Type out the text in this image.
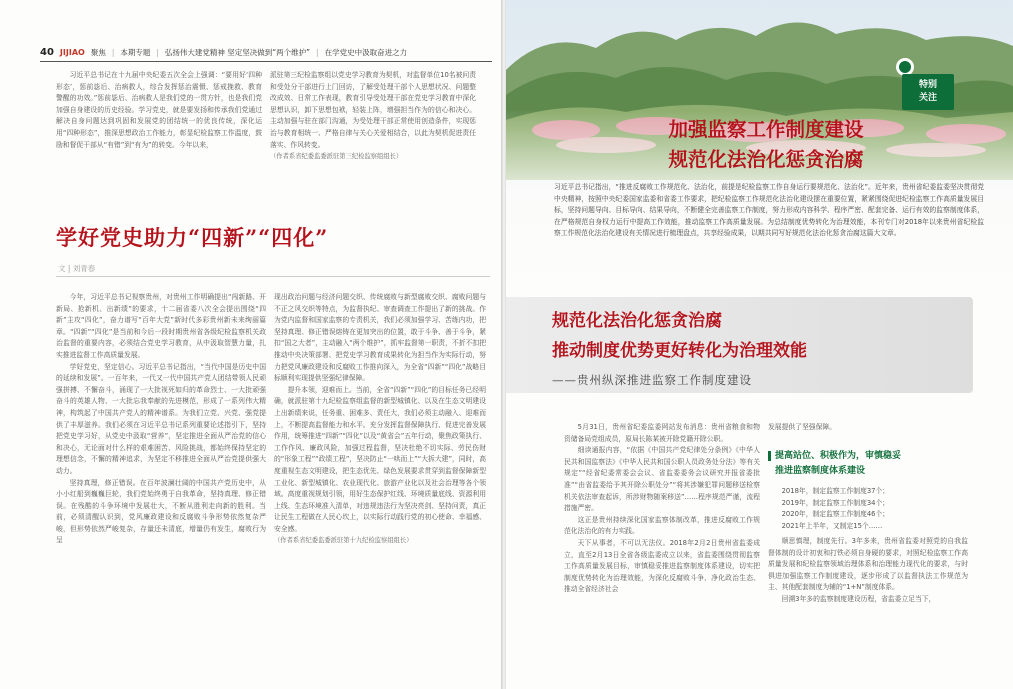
40 JIJIAO 聚焦 | 本期专题 | 弘扬伟大建党精神 坚定坚决做到“两个维护” | 在学党史中汲取奋进之力

习近平总书记在十九届中央纪委五次全会上强调：“要用好‘四种形态’，惩前毖后、治病救人，综合发挥惩治震慑、惩戒挽救、教育警醒的功效。”惩前毖后、治病救人是我们党的一贯方针，也是我们党加强自身建设的历史经验。学习党史，就是要发扬和传承我们党通过解决自身问题达到巩固和发展党的团结统一的优良传统，深化运用“四种形态”，推深思想政治工作能力，彰显纪检监察工作温度，鼓励和督促干部从“有错”到“有为”的转变。今年以来，

派驻第三纪检监察组以党史学习教育为契机，对监督单位10名被问责和受处分干部进行上门回访，了解受处理干部个人思想状况、问题整改成效、日常工作表现，教育引导受处理干部在党史学习教育中深化思想认识，卸下思想包袱，轻装上阵，增强担当作为的信心和决心。主动加强与驻在部门沟通，为受处理干部正常使用创造条件，实现惩治与教育相统一、严格自律与关心关爱相结合，以此为契机促进责任落实、作风转变。

（作者系省纪委监委派驻第三纪检监察组组长）

学好党史助力“四新”“四化”
文 | 刘青春

今年，习近平总书记视察贵州，对贵州工作明确提出“闯新路、开新局、抢新机、出新绩”的要求，十二届省委八次全会提出围绕“四新”主攻“四化”，奋力谱写“百年大党”新时代多彩贵州新未来绚丽篇章。“四新”“四化”是当前和今后一段时期贵州省各级纪检监察机关政治监督的重要内容，必须结合党史学习教育，从中汲取智慧力量，扎实推进监督工作高质量发展。

学好党史，坚定信心。习近平总书记指出，“当代中国是历史中国的延续和发展”。一百年来，一代又一代中国共产党人团结带领人民顽强拼搏、不懈奋斗，涌现了一大批视死如归的革命烈士、一大批顽强奋斗的英雄人物、一大批忘我奉献的先进模范，形成了一系列伟大精神，构筑起了中国共产党人的精神谱系。为我们立党、兴党、强党提供了丰厚滋养。我们必须在习近平总书记系列重要论述指引下，坚持把党史学习好，从党史中汲取“营养”，坚定推进全面从严治党的信心和决心，无论面对什么样的艰难困苦、风险挑战，都始终保持坚定的理想信念，不懈的精神追求，为坚定不移推进全面从严治党提供强大动力。

坚持真理，修正错误。在百年波澜壮阔的中国共产党历史中，从小小红船到巍巍巨轮，我们党始终勇于自我革命，坚持真理、修正错误。在残酷的斗争环境中发展壮大，不断从胜利走向新的胜利。当前，必须清醒认识到，党风廉政建设和反腐败斗争形势依然复杂严峻，但形势依然严峻复杂，存量还未清底，增量仍有发生，腐败行为呈

现出政治问题与经济问题交织、传统腐败与新型腐败交织、腐败问题与不正之风交织等特点，为监督执纪、审查调查工作提出了新的挑战。作为党内监督和国家监察的专责机关，我们必须加强学习、苦练内功，把坚持真理、修正错误熔铸在更加突出的位置，敢于斗争、善于斗争，紧扣“国之大者”，主动融入“两个维护”，抓牢监督第一职责，不折不扣把推动中央决策部署、把党史学习教育成果转化为担当作为实际行动，努力把党风廉政建设和反腐败工作推向深入，为全省“四新”“四化”战略目标顺利实现提供坚强纪律保障。

提升本领，迎难而上。当前，全省“四新”“四化”的目标任务已经明确，就派驻第十九纪检监察组监督的新型城镇化、以及在生态文明建设上出新绩来说，任务重、困难多、责任大，我们必须主动融入、迎难而上，不断提高监督能力和水平。充分发挥监督保障执行、促进完善发展作用，统筹推进“四新”“四化”以及“黄省会”五年行动，聚焦政策执行、工作作风、廉政风险，加强过程监督，坚决杜绝不切实际、劳民伤财的“形象工程”“政绩工程”，坚决防止“一哄而上”“大拆大建”，同时，高度重视生态文明建设，把生态优先、绿色发展要求贯穿到监督保障新型工业化、新型城镇化、农业现代化、旅游产业化以及社会治理等各个领域。高度重视规划引领，用好生态保护红线、环境质量底线、资源利用上线、生态环境准入清单，对违规违法行为坚决亮剑、坚持问责，真正让民生工程做在人民心坎上，以实际行动践行党的初心使命、幸福感、安全感。

（作者系省纪委监委派驻第十九纪检监察组组长）

特别
关注
加强监察工作制度建设
规范化法治化惩贪治腐
习近平总书记指出，“推进反腐败工作规范化、法治化，前提是纪检监察工作自身运行要规范化、法治化”。近年来，贵州省纪委监委坚决贯彻党中央精神，按照中央纪委国家监委和省委工作要求，把纪检监察工作规范化法治化建设摆在重要位置，紧紧围绕促进纪检监察工作高质量发展目标，坚持问题导向、目标导向、结果导向，不断健全完善监察工作制度，努力形成内容科学、程序严密、配套完备、运行有效的监察制度体系，在严格规范自身权力运行中提高工作效能，推动监察工作高质量发展。为总结制度优势转化为治理效能，本刊专门对2018年以来贵州省纪检监察工作规范化法治化建设有关情况进行梳理盘点，共享经验成果，以期共同写好规范化法治化惩贪治腐这篇大文章。
规范化法治化惩贪治腐
推动制度优势更好转化为治理效能
——贵州纵深推进监察工作制度建设

5月31日，贵州省纪委监委网站发布消息：贵州省粮食和物资储备局党组成员，原局长陈某被开除党籍开除公职。

细读通报内容，“依据《中国共产党纪律处分条例》《中华人民共和国监察法》《中华人民共和国公职人员政务处分法》等有关规定”“经省纪委常委会会议、省监委委务会议研究并报省委批准”“由省监委给予其开除公职处分”“将其涉嫌犯罪问题移送检察机关依法审查起诉，所涉财物随案移送”……程序规范严谨，流程措施严密。

这正是贵州持续深化国家监察体制改革，推进反腐败工作规范化法治化的有力实践。

天下从事者，不可以无法仪。2018年2月2日贵州省监委成立，直至2月13日全省各级监委成立以来，省监委围绕贯彻监察工作高质量发展目标，审慎稳妥推进监察制度体系建设，切实把制度优势转化为治理效能，为深化反腐败斗争、净化政治生态、推动全省经济社会

发展提供了坚强保障。

提高站位、积极作为，审慎稳妥
推进监察制度体系建设
2018年，制定监察工作制度37个；
2019年，制定监察工作制度34个；
2020年，制定监察工作制度46个；
2021年上半年，又制定15个……

顺思慎理，制度先行。3年多来，贵州省监委对照党的自我监督体制的设计初衷和打铁必须自身硬的要求，对照纪检监察工作高质量发展和纪检监察领域治理体系和治理能力现代化的要求，与时俱进加强监察工作制度建设，逐步形成了以监督执法工作规范为主、其他配套制度为辅的“1+N”制度体系。

回溯3年多的监察制度建设历程，省监委立足当下，
